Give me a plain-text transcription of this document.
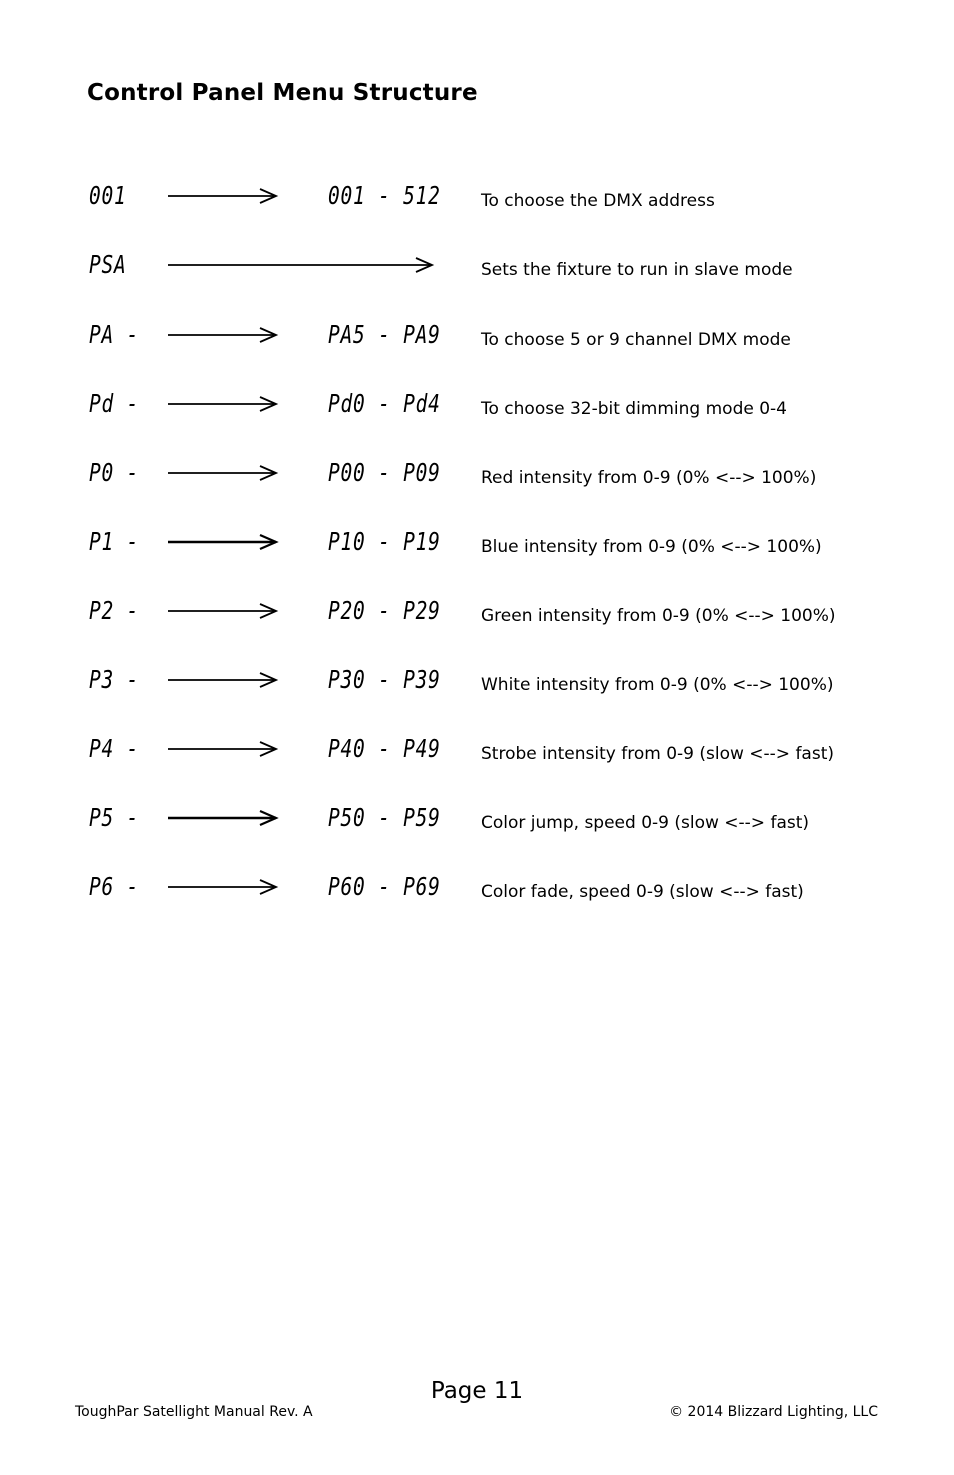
Control Panel Menu Structure
001	001 - 512 To choose the DMX address
PSA	Sets the fixture to run in slave mode
PA -	PA5 - PA9 To choose 5 or 9 channel DMX mode
Pd -	Pd0 - Pd4 To choose 32-bit dimming mode 0-4
P0 -	P00 - P09 Red intensity from 0-9 (0% <--> 100%)
P1 -	P10 - P19 Blue intensity from 0-9 (0% <--> 100%)
P2 -	P20 - P29 Green intensity from 0-9 (0% <--> 100%)
P3 -	P30 - P39 White intensity from 0-9 (0% <--> 100%)
P4 -	P40 - P49 Strobe intensity from 0-9 (slow <--> fast)
P5 -	P50 - P59 Color jump, speed 0-9 (slow <--> fast)
P6 -	P60 - P69 Color fade, speed 0-9 (slow <--> fast)
Page 11
ToughPar Satellight Manual Rev. A	© 2014 Blizzard Lighting, LLC
